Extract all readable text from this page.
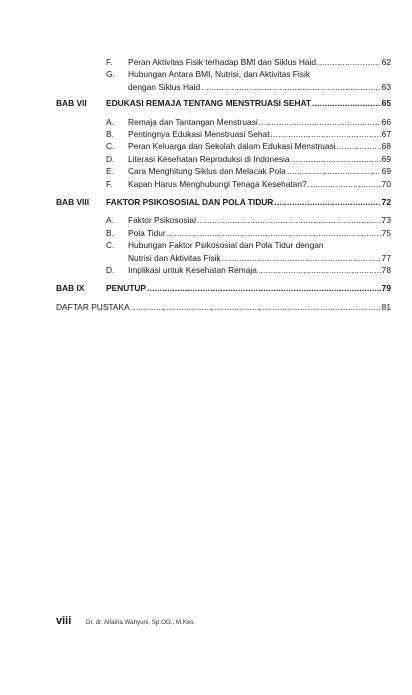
F.	Peran Aktivitas Fisik terhadap BMI dan Siklus Haid .....	62
G.	Hubungan Antara BMI, Nutrisi, dan Aktivitas Fisik
dengan Siklus Haid .....	63
BAB VII	EDUKASI REMAJA TENTANG MENSTRUASI SEHAT .....	65
A.	Remaja dan Tantangan Menstruasi .....	66
B.	Pentingnya Edukasi Menstruasi Sehat .....	67
C.	Peran Keluarga dan Sekolah dalam Edukasi Menstruasi .....	68
D.	Literasi Kesehatan Reproduksi di Indonesia .....	69
E.	Cara Menghitung Siklus dan Melacak Pola .....	69
F.	Kapan Harus Menghubungi Tenaga Kesehatan? .....	70
BAB VIII	FAKTOR PSIKOSOSIAL DAN POLA TIDUR .....	72
A.	Faktor Psikososial .....	73
B.	Pola Tidur .....	75
C.	Hubungan Faktor Psikososial dan Pola Tidur dengan
Nutrisi dan Aktivitas Fisik .....	77
D.	Implikasi untuk Kesehatan Remaja .....	78
BAB IX	PENUTUP .....	79
DAFTAR PUSTAKA .....	81
viii	Dr. dr. Alfaina Wahyuni, Sp.OG., M.Kes.
